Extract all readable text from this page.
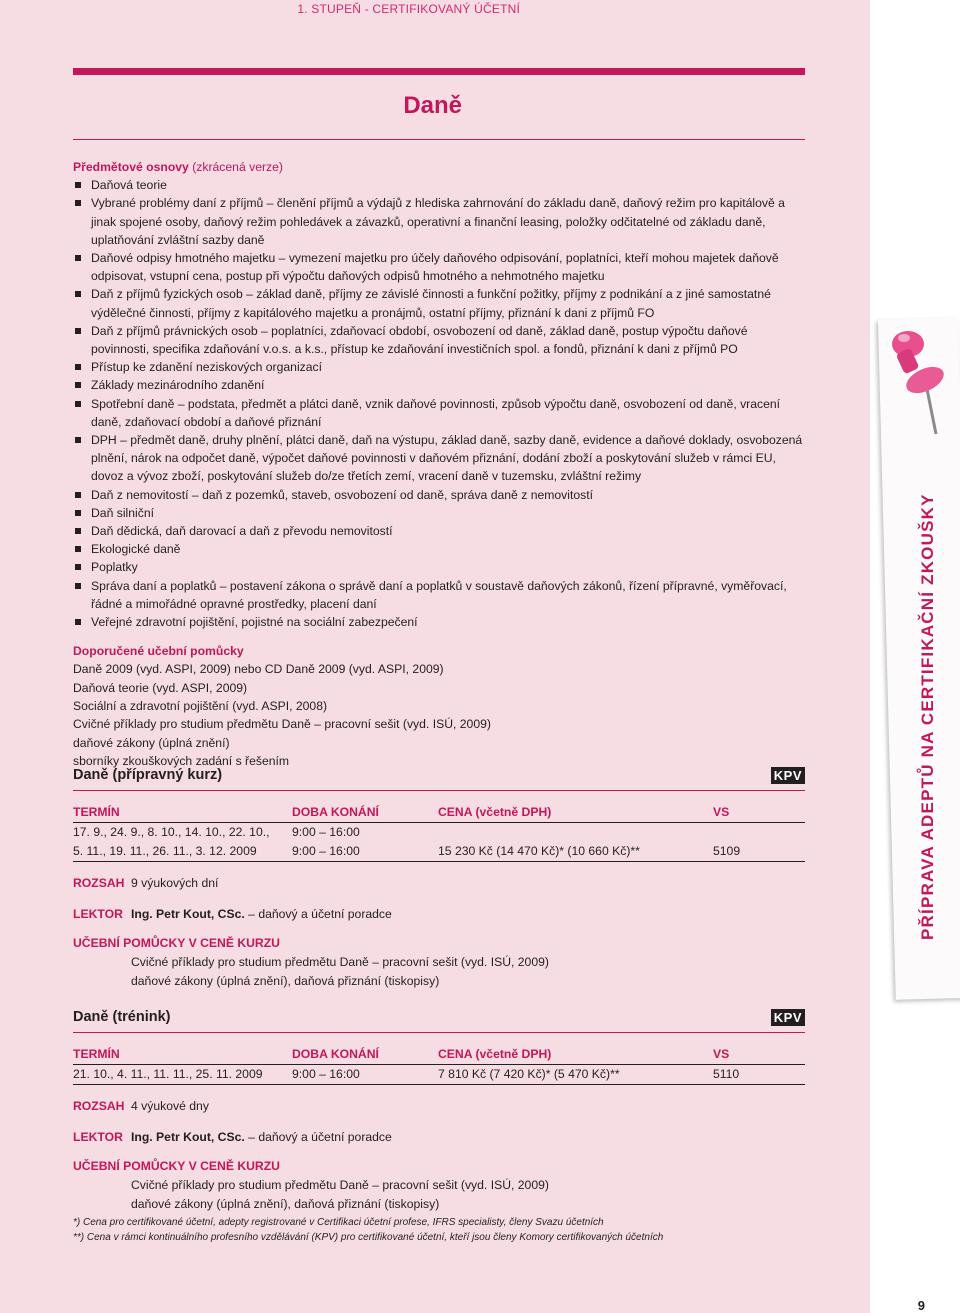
1. STUPEŇ - CERTIFIKOVANÝ ÚČETNÍ
Daně
Předmětové osnovy (zkrácená verze)
Daňová teorie
Vybrané problémy daní z příjmů – členění příjmů a výdajů z hlediska zahrnování do základu daně, daňový režim pro kapitálově a jinak spojené osoby, daňový režim pohledávek a závazků, operativní a finanční leasing, položky odčitatelné od základu daně, uplatňování zvláštní sazby daně
Daňové odpisy hmotného majetku – vymezení majetku pro účely daňového odpisování, poplatníci, kteří mohou majetek daňově odpisovat, vstupní cena, postup při výpočtu daňových odpisů hmotného a nehmotného majetku
Daň z příjmů fyzických osob – základ daně, příjmy ze závislé činnosti a funkční požitky, příjmy z podnikání a z jiné samostatné výdělečné činnosti, příjmy z kapitálového majetku a pronájmů, ostatní příjmy, přiznání k dani z příjmů FO
Daň z příjmů právnických osob – poplatníci, zdaňovací období, osvobození od daně, základ daně, postup výpočtu daňové povinnosti, specifika zdaňování v.o.s. a k.s., přístup ke zdaňování investičních spol. a fondů, přiznání k dani z příjmů PO
Přístup ke zdanění neziskových organizací
Základy mezinárodního zdanění
Spotřební daně – podstata, předmět a plátci daně, vznik daňové povinnosti, způsob výpočtu daně, osvobození od daně, vracení daně, zdaňovací období a daňové přiznání
DPH – předmět daně, druhy plnění, plátci daně, daň na výstupu, základ daně, sazby daně, evidence a daňové doklady, osvobozená plnění, nárok na odpočet daně, výpočet daňové povinnosti v daňovém přiznání, dodání zboží a poskytování služeb v rámci EU, dovoz a vývoz zboží, poskytování služeb do/ze třetích zemí, vracení daně v tuzemsku, zvláštní režimy
Daň z nemovitostí – daň z pozemků, staveb, osvobození od daně, správa daně z nemovitostí
Daň silniční
Daň dědická, daň darovací a daň z převodu nemovitostí
Ekologické daně
Poplatky
Správa daní a poplatků – postavení zákona o správě daní a poplatků v soustavě daňových zákonů, řízení přípravné, vyměřovací, řádné a mimořádné opravné prostředky, placení daní
Veřejné zdravotní pojištění, pojistné na sociální zabezpečení
Doporučené učební pomůcky
Daně 2009 (vyd. ASPI, 2009) nebo CD Daně 2009 (vyd. ASPI, 2009)
Daňová teorie (vyd. ASPI, 2009)
Sociální a zdravotní pojištění (vyd. ASPI, 2008)
Cvičné příklady pro studium předmětu Daně – pracovní sešit (vyd. ISÚ, 2009)
daňové zákony (úplná znění)
sborníky zkouškových zadání s řešením
Daně (přípravný kurz)	KPV
TERMÍN	DOBA KONÁNÍ	CENA (včetně DPH)	VS
17. 9., 24. 9., 8. 10., 14. 10., 22. 10.,	9:00 – 16:00
5. 11., 19. 11., 26. 11., 3. 12. 2009	9:00 – 16:00	15 230 Kč (14 470 Kč)* (10 660 Kč)**	5109
ROZSAH 9 výukových dní
LEKTOR Ing. Petr Kout, CSc. – daňový a účetní poradce
UČEBNÍ POMŮCKY V CENĚ KURZU
Cvičné příklady pro studium předmětu Daně – pracovní sešit (vyd. ISÚ, 2009)
daňové zákony (úplná znění), daňová přiznání (tiskopisy)
Daně (trénink)	KPV
TERMÍN	DOBA KONÁNÍ	CENA (včetně DPH)	VS
21. 10., 4. 11., 11. 11., 25. 11. 2009	9:00 – 16:00	7 810 Kč (7 420 Kč)* (5 470 Kč)**	5110
ROZSAH 4 výukové dny
LEKTOR Ing. Petr Kout, CSc. – daňový a účetní poradce
UČEBNÍ POMŮCKY V CENĚ KURZU
Cvičné příklady pro studium předmětu Daně – pracovní sešit (vyd. ISÚ, 2009)
daňové zákony (úplná znění), daňová přiznání (tiskopisy)
*) Cena pro certifikované účetní, adepty registrované v Certifikaci účetní profese, IFRS specialisty, členy Svazu účetních
**) Cena v rámci kontinuálního profesního vzdělávání (KPV) pro certifikované účetní, kteří jsou členy Komory certifikovaných účetních
PŘÍPRAVA ADEPTŮ NA CERTIFIKAČNÍ ZKOUŠKY
9
